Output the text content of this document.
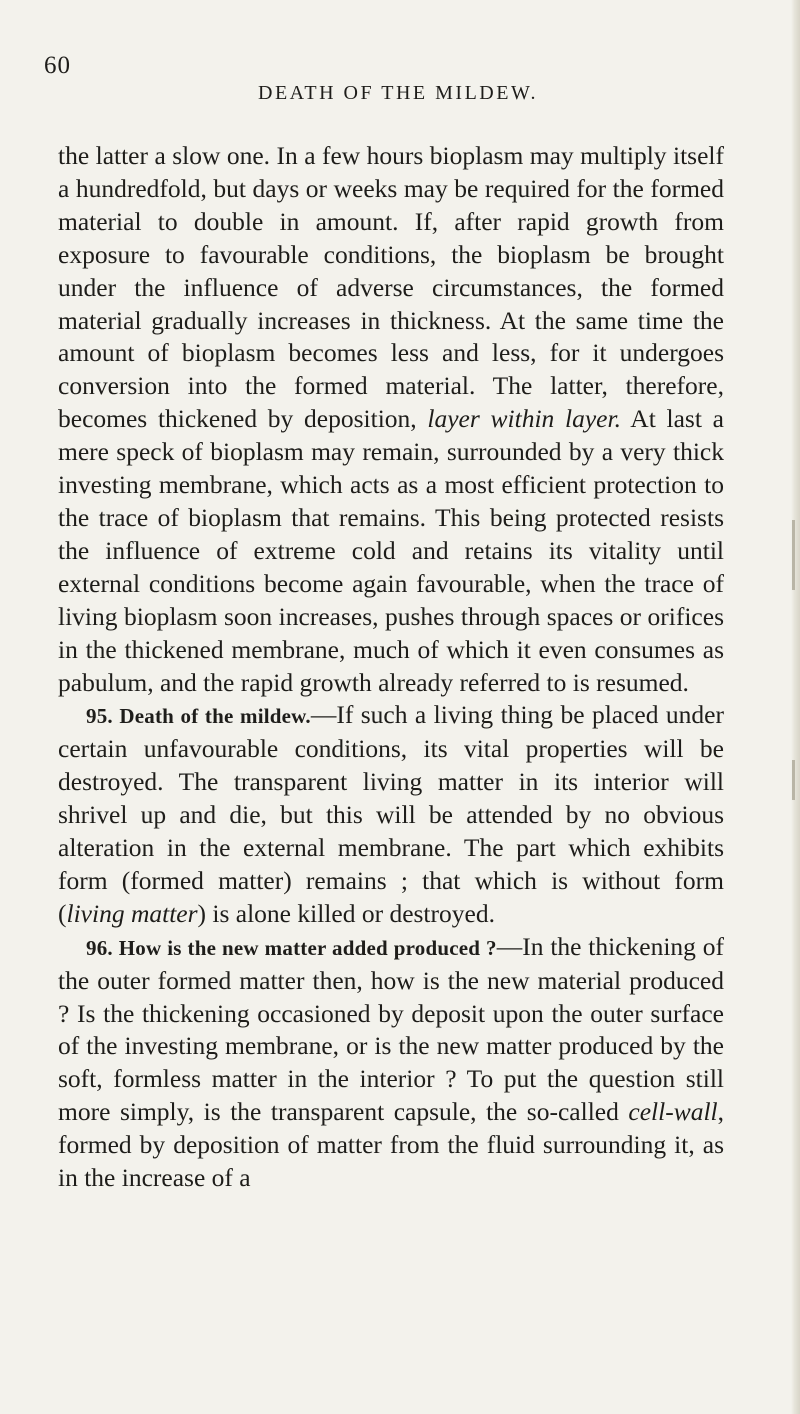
60
DEATH OF THE MILDEW.

the latter a slow one. In a few hours bioplasm may multiply itself a hundredfold, but days or weeks may be required for the formed material to double in amount. If, after rapid growth from exposure to favourable conditions, the bioplasm be brought under the influence of adverse circumstances, the formed material gradually increases in thickness. At the same time the amount of bioplasm becomes less and less, for it undergoes conversion into the formed material. The latter, therefore, becomes thickened by deposition, layer within layer. At last a mere speck of bioplasm may remain, surrounded by a very thick investing membrane, which acts as a most efficient protection to the trace of bioplasm that remains. This being protected resists the influence of extreme cold and retains its vitality until external conditions become again favourable, when the trace of living bioplasm soon increases, pushes through spaces or orifices in the thickened membrane, much of which it even consumes as pabulum, and the rapid growth already referred to is resumed.

95. Death of the mildew.—If such a living thing be placed under certain unfavourable conditions, its vital properties will be destroyed. The transparent living matter in its interior will shrivel up and die, but this will be attended by no obvious alteration in the external membrane. The part which exhibits form (formed matter) remains ; that which is without form (living matter) is alone killed or destroyed.

96. How is the new matter added produced ?—In the thickening of the outer formed matter then, how is the new material produced ? Is the thickening occasioned by deposit upon the outer surface of the investing membrane, or is the new matter produced by the soft, formless matter in the interior ? To put the question still more simply, is the transparent capsule, the so-called cell-wall, formed by deposition of matter from the fluid surrounding it, as in the increase of a
